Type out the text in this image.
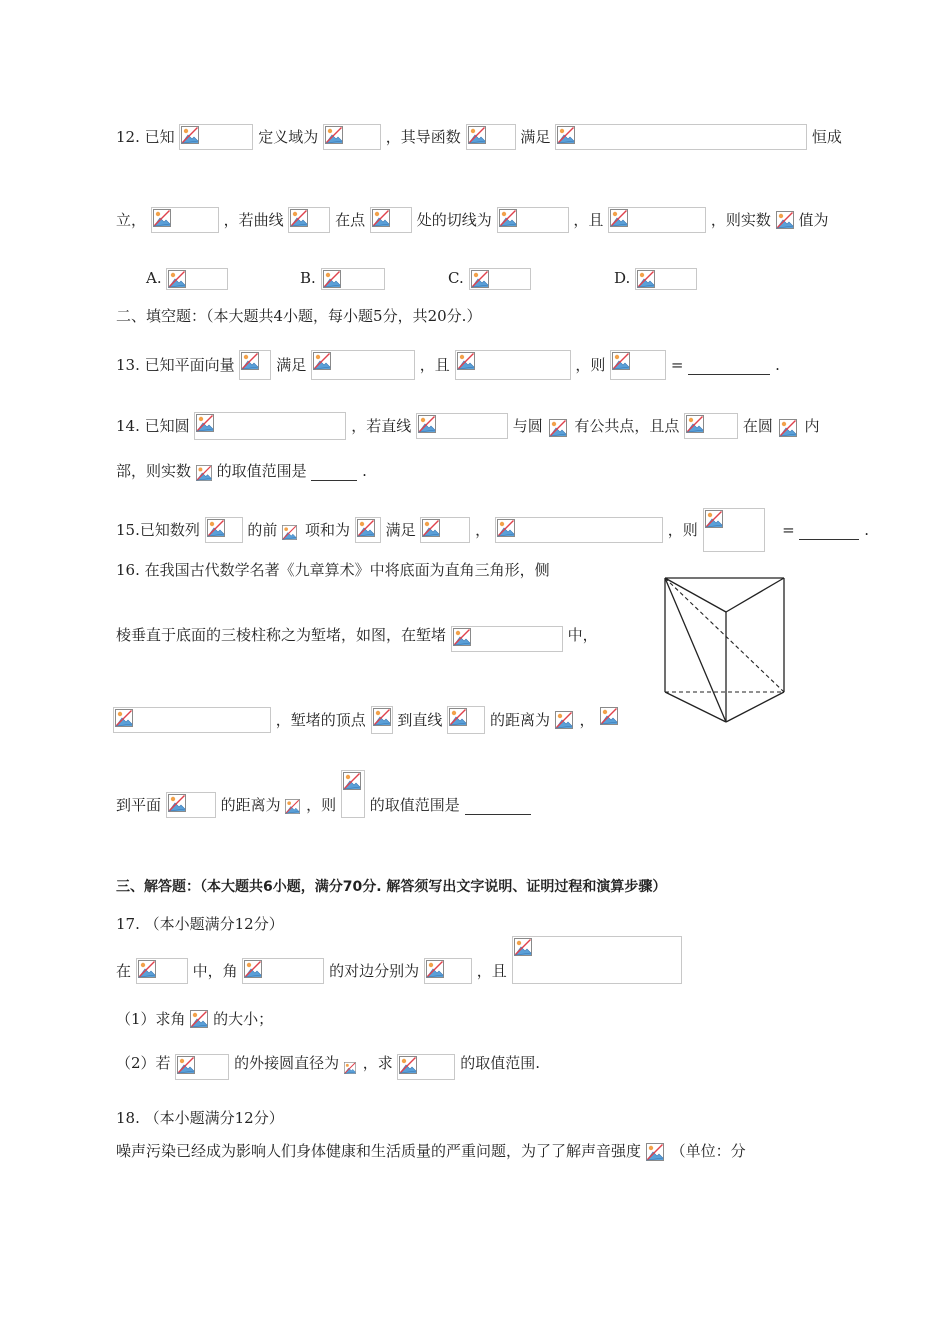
12. 已知	定义域为	，其导函数	满足	恒成
立，	，若曲线	在点	处的切线为	，且	，则实数 值为
A.	B.	C.	D.
二、填空题：（本大题共4小题，每小题5分，共20分.）
13. 已知平面向量	满足	，且	，则	=	.
14. 已知圆	，若直线	与圆 有公共点，且点	在圆 内
部，则实数 的取值范围是	.
15.已知数列	的前 项和为 满足	，	，则	=	.
16. 在我国古代数学名著《九章算术》中将底面为直角三角形，侧
棱垂直于底面的三棱柱称之为堑堵，如图，在堑堵	中，
，堑堵的顶点 到直线	的距离为 ，
到平面	的距离为 ，则 的取值范围是
三、解答题：（本大题共6小题，满分70分. 解答须写出文字说明、证明过程和演算步骤）
17. （本小题满分12分）
在	中，角	的对边分别为	，且
（1）求角 的大小；
（2）若	的外接圆直径为 ，求	的取值范围.
18. （本小题满分12分）
噪声污染已经成为影响人们身体健康和生活质量的严重问题，为了了解声音强度 （单位：分
